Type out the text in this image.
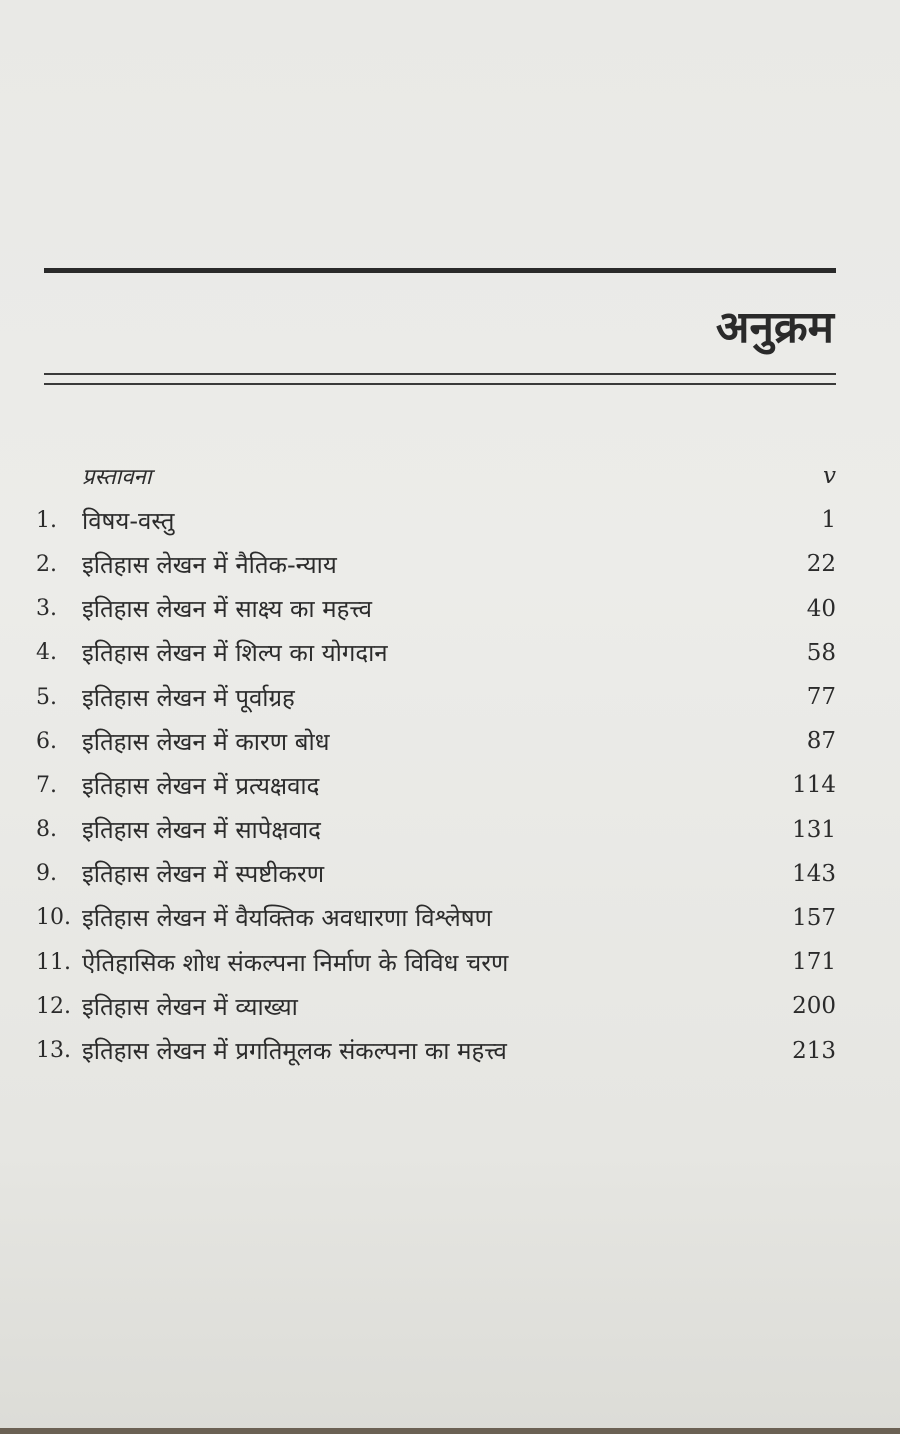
अनुक्रम
प्रस्तावना	v
1.	विषय-वस्तु	1
2.	इतिहास लेखन में नैतिक-न्याय	22
3.	इतिहास लेखन में साक्ष्य का महत्त्व	40
4.	इतिहास लेखन में शिल्प का योगदान	58
5.	इतिहास लेखन में पूर्वाग्रह	77
6.	इतिहास लेखन में कारण बोध	87
7.	इतिहास लेखन में प्रत्यक्षवाद	114
8.	इतिहास लेखन में सापेक्षवाद	131
9.	इतिहास लेखन में स्पष्टीकरण	143
10. इतिहास लेखन में वैयक्तिक अवधारणा विश्लेषण	157
11. ऐतिहासिक शोध संकल्पना निर्माण के विविध चरण	171
12. इतिहास लेखन में व्याख्या	200
13. इतिहास लेखन में प्रगतिमूलक संकल्पना का महत्त्व	213
